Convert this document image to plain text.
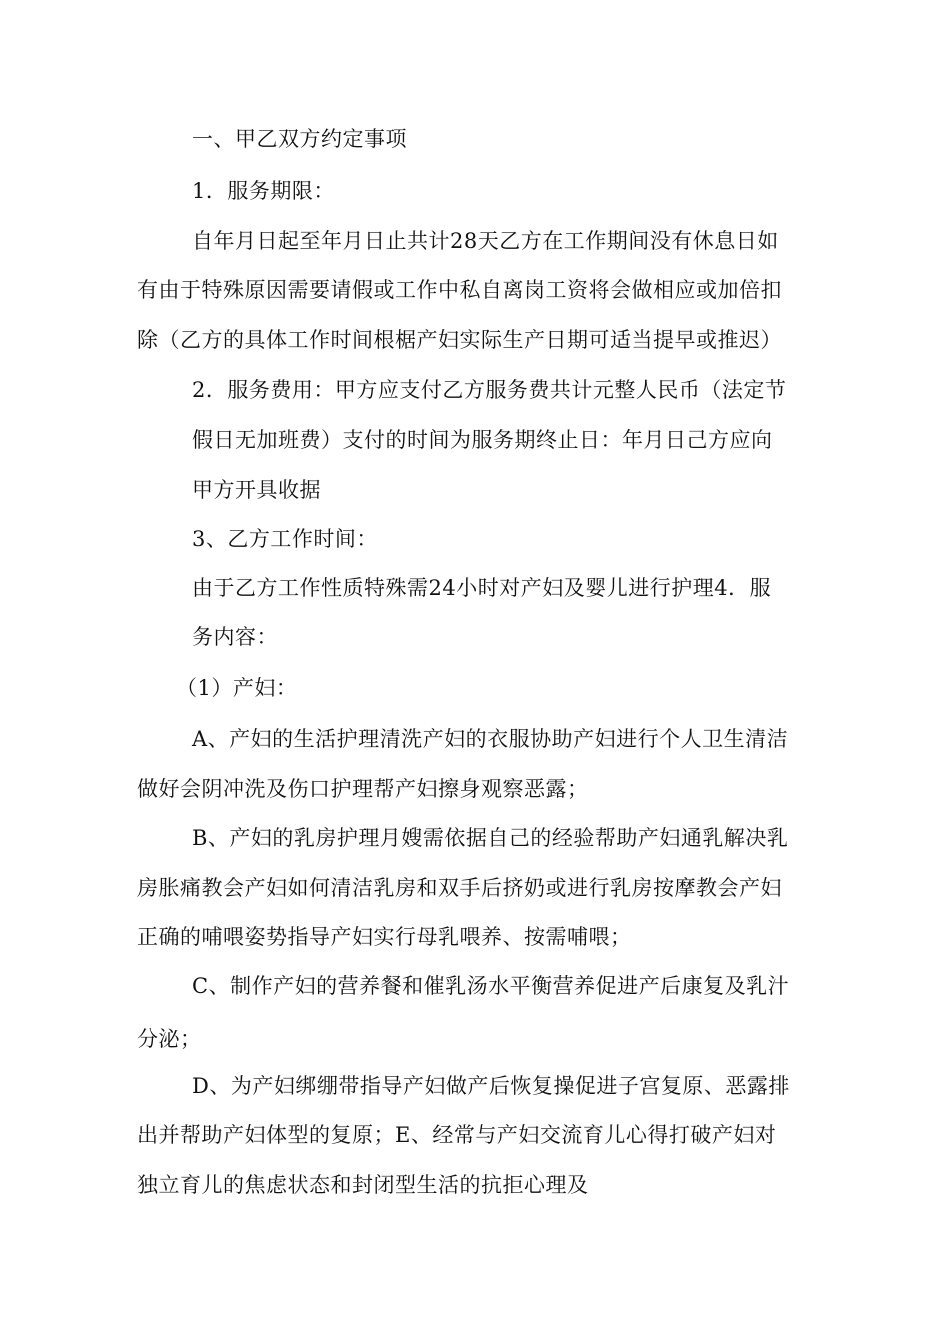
一、甲乙双方约定事项

1．服务期限：

自年月日起至年月日止共计28天乙方在工作期间没有休息日如

有由于特殊原因需要请假或工作中私自离岗工资将会做相应或加倍扣

除（乙方的具体工作时间根椐产妇实际生产日期可适当提早或推迟）

2．服务费用：甲方应支付乙方服务费共计元整人民币（法定节

假日无加班费）支付的时间为服务期终止日：年月日己方应向

甲方开具收据

3、乙方工作时间：

由于乙方工作性质特殊需24小时对产妇及婴儿进行护理4．服

务内容：

（1）产妇：

A、产妇的生活护理清洗产妇的衣服协助产妇进行个人卫生清洁

做好会阴冲洗及伤口护理帮产妇擦身观察恶露；

B、产妇的乳房护理月嫂需依据自己的经验帮助产妇通乳解决乳

房胀痛教会产妇如何清洁乳房和双手后挤奶或进行乳房按摩教会产妇

正确的哺喂姿势指导产妇实行母乳喂养、按需哺喂；

C、制作产妇的营养餐和催乳汤水平衡营养促进产后康复及乳汁

分泌；

D、为产妇绑绷带指导产妇做产后恢复操促进子宫复原、恶露排

出并帮助产妇体型的复原；E、经常与产妇交流育儿心得打破产妇对

独立育儿的焦虑状态和封闭型生活的抗拒心理及
